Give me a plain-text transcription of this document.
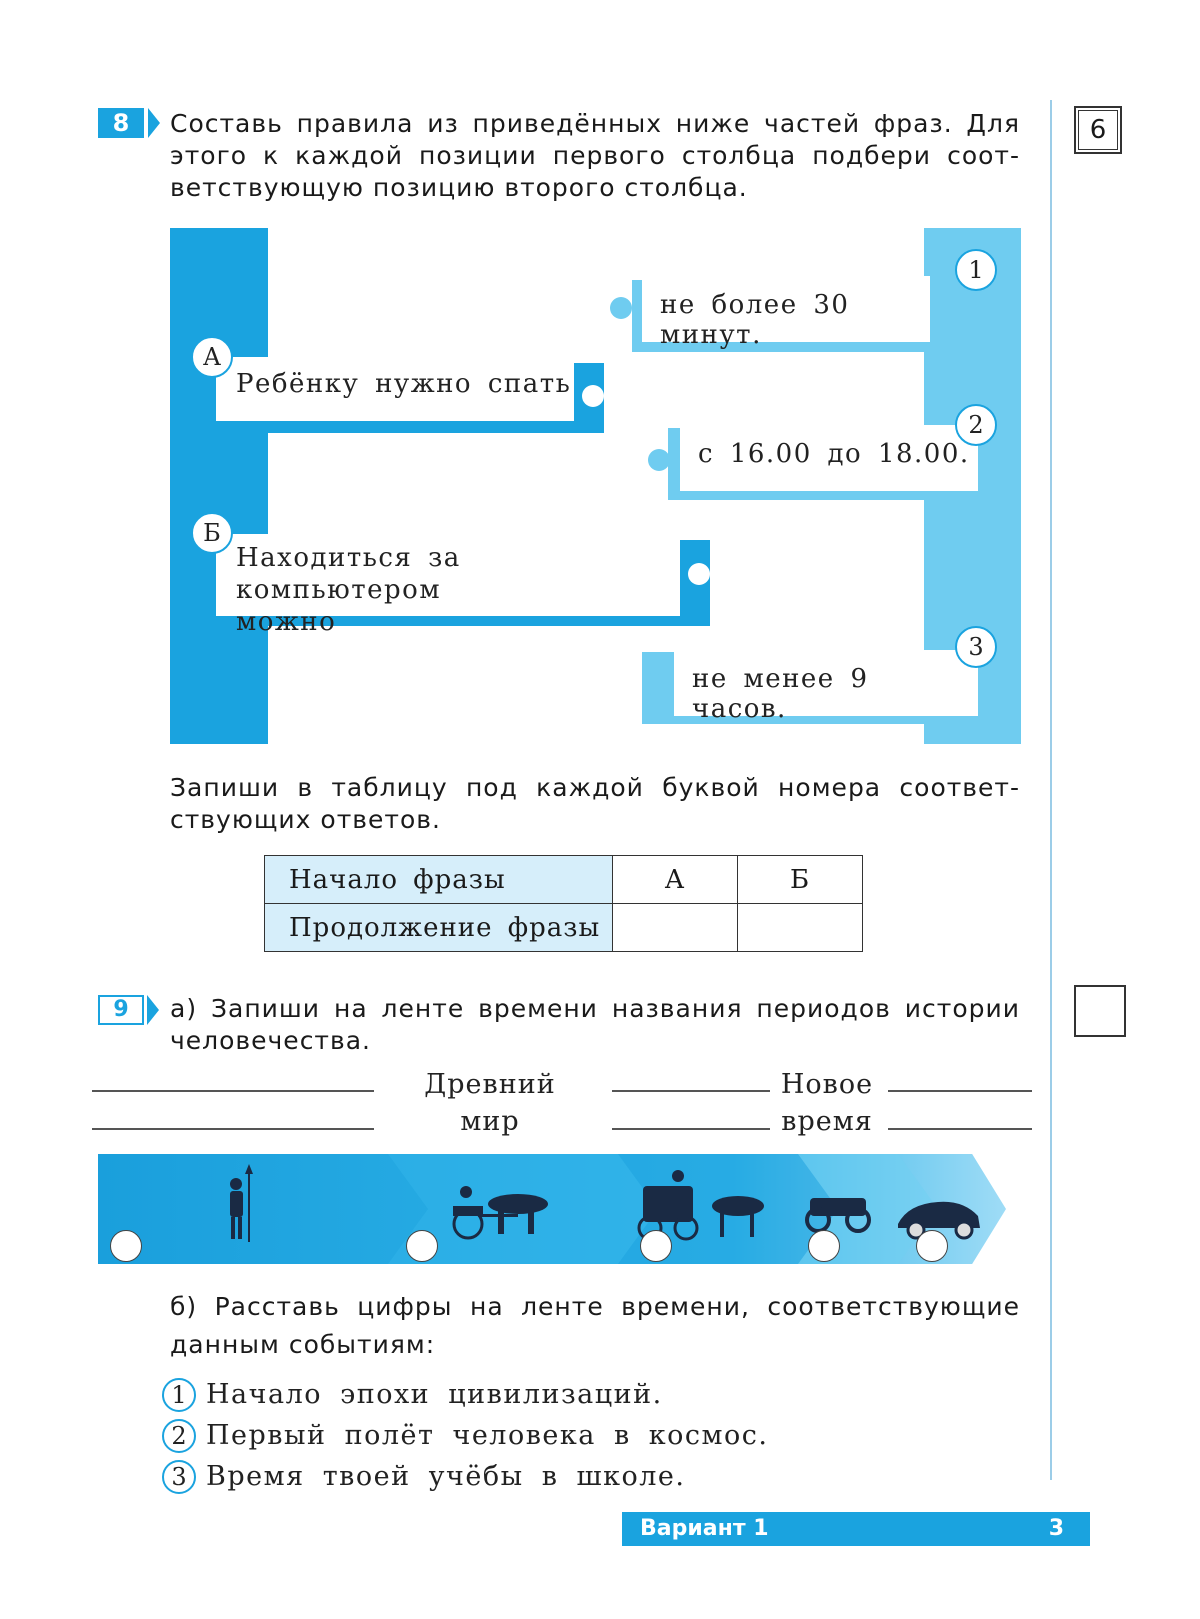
6
8	Составь правила из приведённых ниже частей фраз. Для
этого к каждой позиции первого столбца подбери соот-
ветствующую позицию второго столбца.
не более 30 минут.
1
с 16.00 до 18.00.
2
не менее 9 часов.
3
Ребёнку нужно спать
А
Находиться за компьютером
можно
Б
Запиши в таблицу под каждой буквой номера соответ-
ствующих ответов.
Начало фразы	А	Б
Продолжение фразы		
9	а) Запиши на ленте времени названия периодов истории
человечества.
Древний
мир
Новое
время
б) Расставь цифры на ленте времени, соответствующие
данным событиям:
1 Начало эпохи цивилизаций.
2 Первый полёт человека в космос.
3 Время твоей учёбы в школе.
Вариант 1	3
